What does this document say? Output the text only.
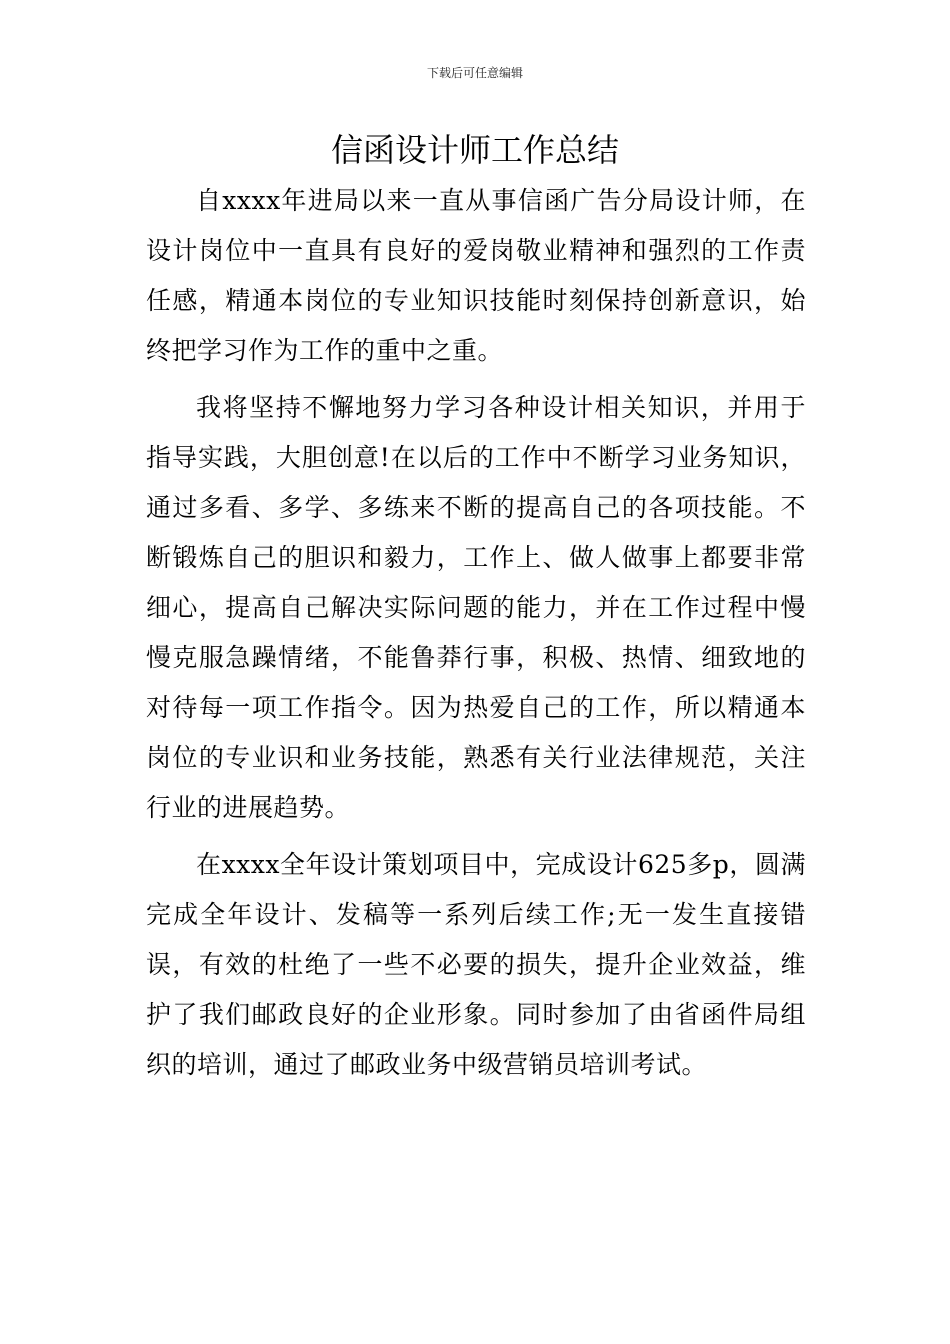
下载后可任意编辑
信函设计师工作总结

自xxxx年进局以来一直从事信函广告分局设计师，在设计岗位中一直具有良好的爱岗敬业精神和强烈的工作责任感，精通本岗位的专业知识技能时刻保持创新意识，始终把学习作为工作的重中之重。

我将坚持不懈地努力学习各种设计相关知识，并用于指导实践，大胆创意!在以后的工作中不断学习业务知识，通过多看、多学、多练来不断的提高自己的各项技能。不断锻炼自己的胆识和毅力，工作上、做人做事上都要非常细心，提高自己解决实际问题的能力，并在工作过程中慢慢克服急躁情绪，不能鲁莽行事，积极、热情、细致地的对待每一项工作指令。因为热爱自己的工作，所以精通本岗位的专业识和业务技能，熟悉有关行业法律规范，关注行业的进展趋势。

在xxxx全年设计策划项目中，完成设计625多p，圆满完成全年设计、发稿等一系列后续工作;无一发生直接错误，有效的杜绝了一些不必要的损失，提升企业效益，维护了我们邮政良好的企业形象。同时参加了由省函件局组织的培训，通过了邮政业务中级营销员培训考试。
